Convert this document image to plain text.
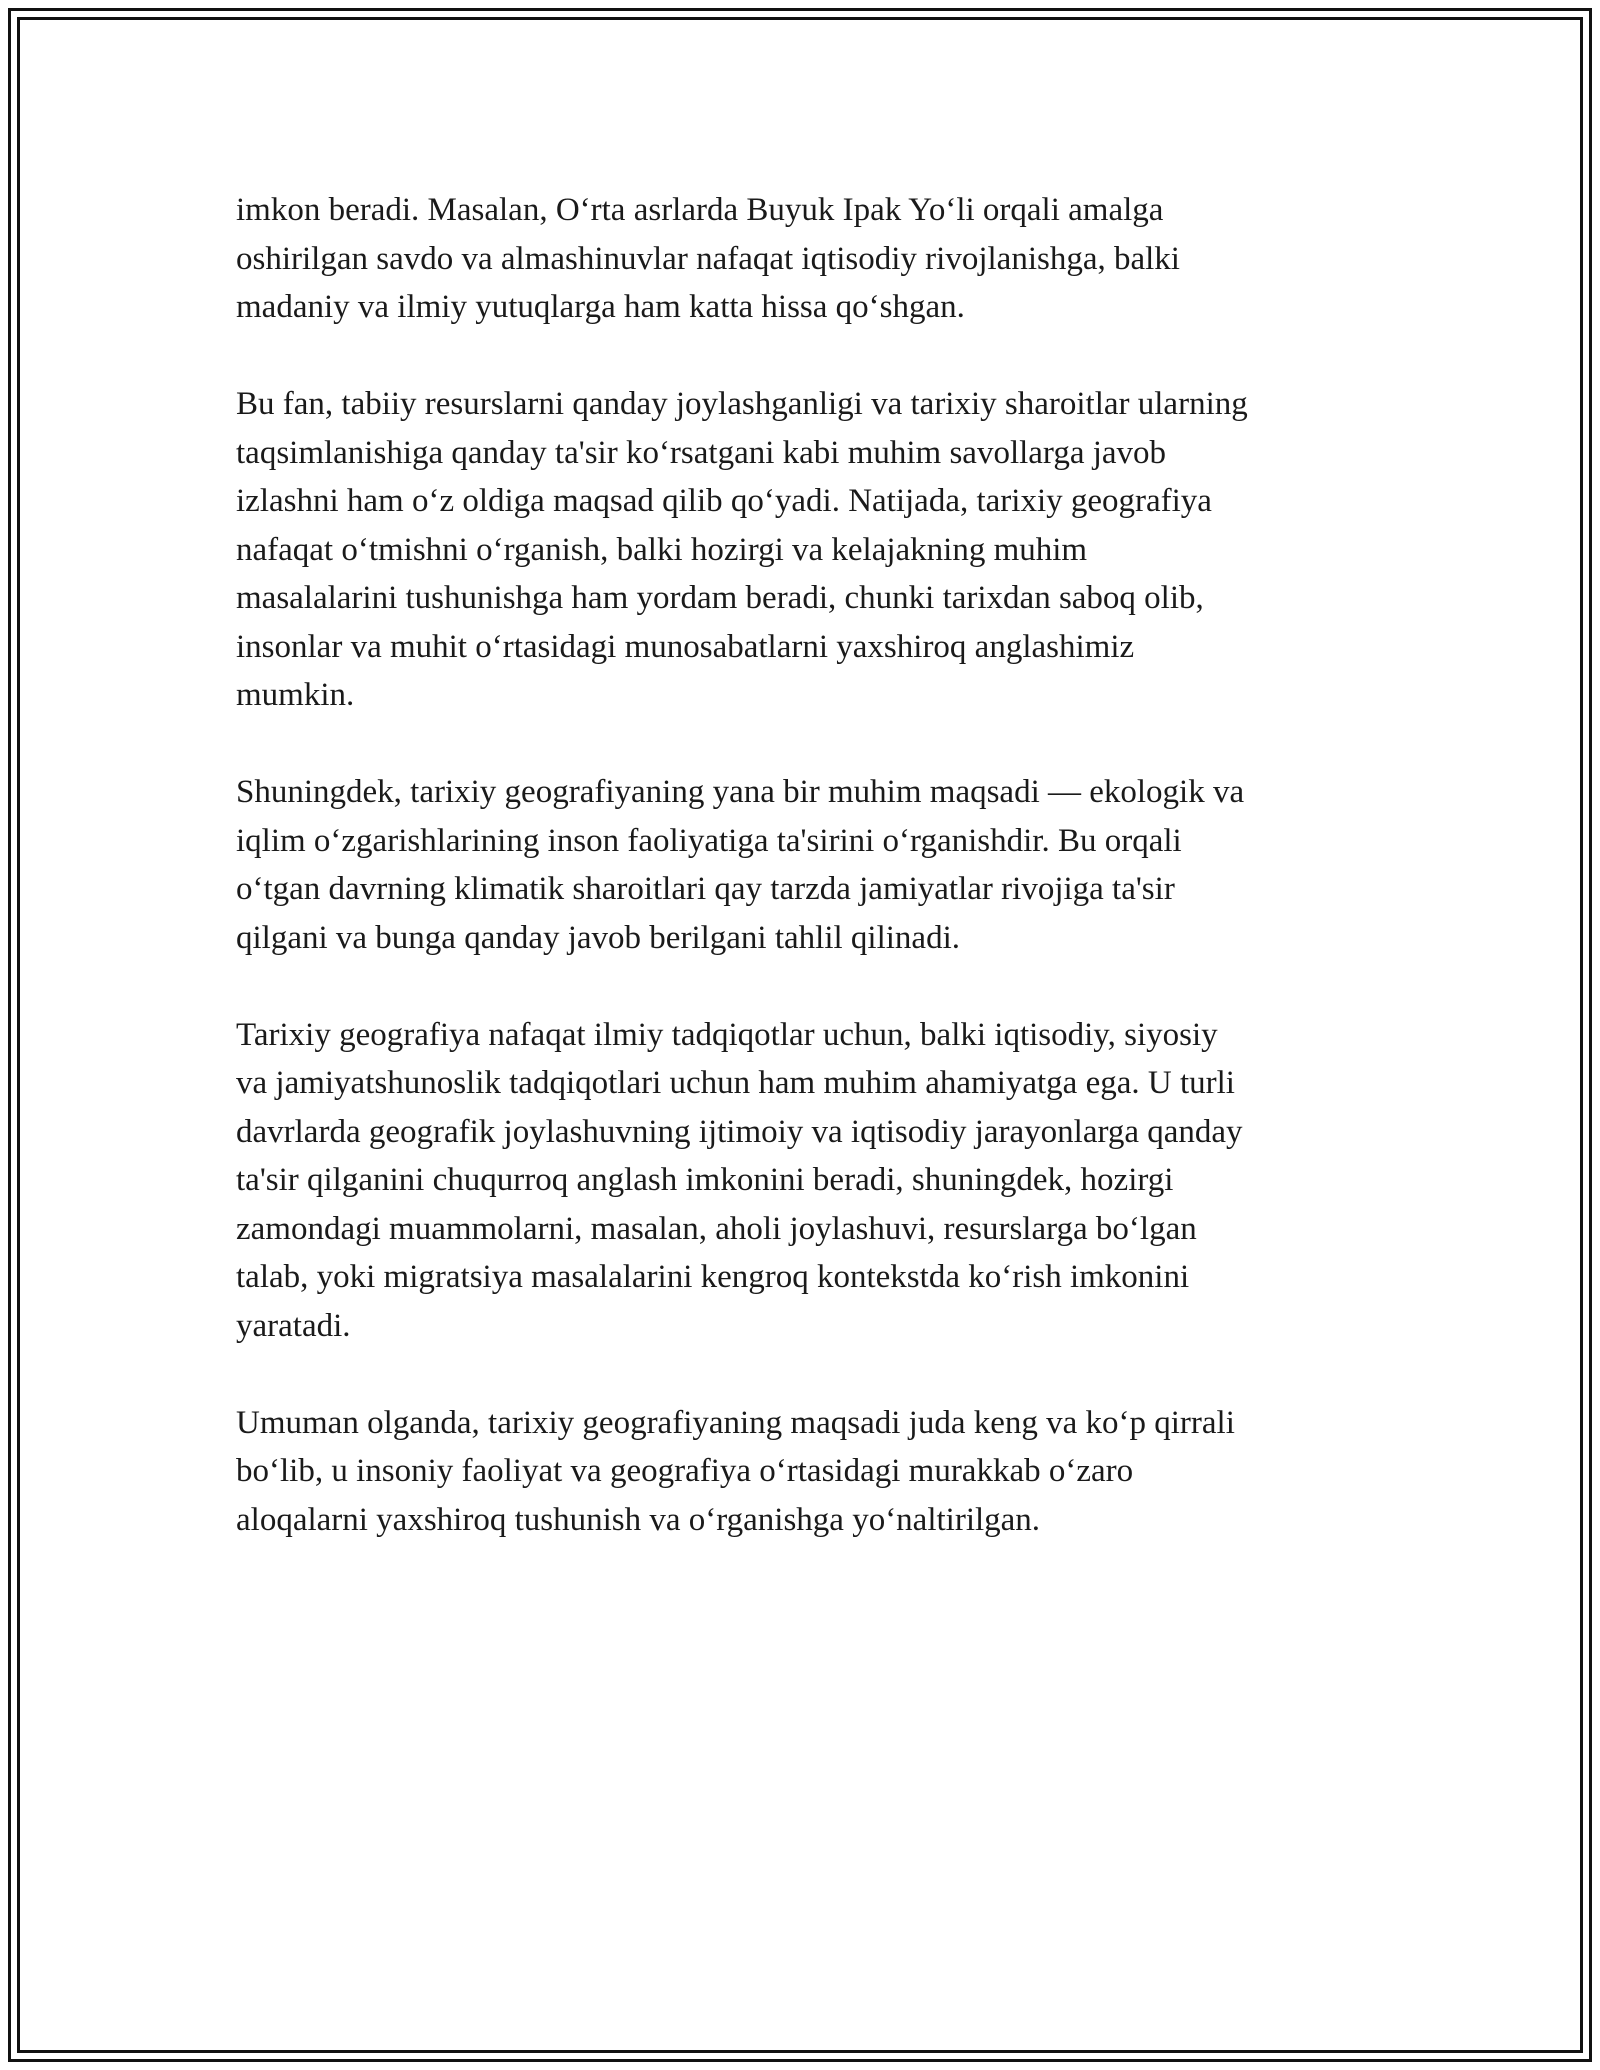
imkon beradi. Masalan, Oʻrta asrlarda Buyuk Ipak Yoʻli orqali amalga
oshirilgan savdo va almashinuvlar nafaqat iqtisodiy rivojlanishga, balki
madaniy va ilmiy yutuqlarga ham katta hissa qoʻshgan.

Bu fan, tabiiy resurslarni qanday joylashganligi va tarixiy sharoitlar ularning
taqsimlanishiga qanday ta'sir koʻrsatgani kabi muhim savollarga javob
izlashni ham oʻz oldiga maqsad qilib qoʻyadi. Natijada, tarixiy geografiya
nafaqat oʻtmishni oʻrganish, balki hozirgi va kelajakning muhim
masalalarini tushunishga ham yordam beradi, chunki tarixdan saboq olib,
insonlar va muhit oʻrtasidagi munosabatlarni yaxshiroq anglashimiz
mumkin.

Shuningdek, tarixiy geografiyaning yana bir muhim maqsadi — ekologik va
iqlim oʻzgarishlarining inson faoliyatiga ta'sirini oʻrganishdir. Bu orqali
oʻtgan davrning klimatik sharoitlari qay tarzda jamiyatlar rivojiga ta'sir
qilgani va bunga qanday javob berilgani tahlil qilinadi.

Tarixiy geografiya nafaqat ilmiy tadqiqotlar uchun, balki iqtisodiy, siyosiy
va jamiyatshunoslik tadqiqotlari uchun ham muhim ahamiyatga ega. U turli
davrlarda geografik joylashuvning ijtimoiy va iqtisodiy jarayonlarga qanday
ta'sir qilganini chuqurroq anglash imkonini beradi, shuningdek, hozirgi
zamondagi muammolarni, masalan, aholi joylashuvi, resurslarga boʻlgan
talab, yoki migratsiya masalalarini kengroq kontekstda koʻrish imkonini
yaratadi.

Umuman olganda, tarixiy geografiyaning maqsadi juda keng va koʻp qirrali
boʻlib, u insoniy faoliyat va geografiya oʻrtasidagi murakkab oʻzaro
aloqalarni yaxshiroq tushunish va oʻrganishga yoʻnaltirilgan.
